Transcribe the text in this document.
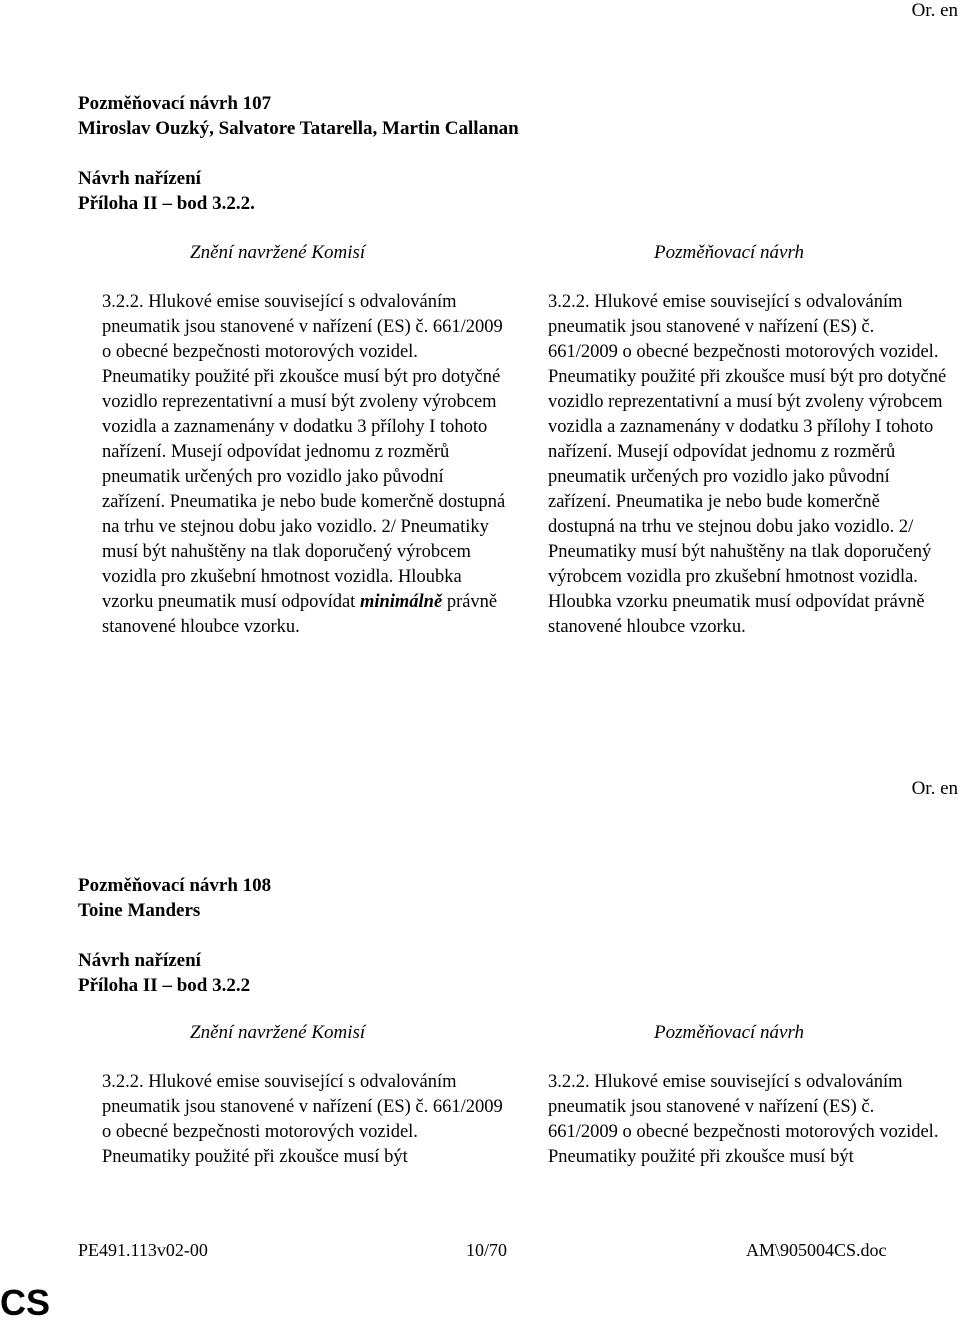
Or. en
Pozměňovací návrh 107
Miroslav Ouzký, Salvatore Tatarella, Martin Callanan
Návrh nařízení
Příloha II – bod 3.2.2.
Znění navržené Komisí	Pozměňovací návrh

3.2.2. Hlukové emise související s odvalováním pneumatik jsou stanovené v nařízení (ES) č. 661/2009 o obecné bezpečnosti motorových vozidel. Pneumatiky použité při zkoušce musí být pro dotyčné vozidlo reprezentativní a musí být zvoleny výrobcem vozidla a zaznamenány v dodatku 3 přílohy I tohoto nařízení. Musejí odpovídat jednomu z rozměrů pneumatik určených pro vozidlo jako původní zařízení. Pneumatika je nebo bude komerčně dostupná na trhu ve stejnou dobu jako vozidlo. 2/ Pneumatiky musí být nahuštěny na tlak doporučený výrobcem vozidla pro zkušební hmotnost vozidla. Hloubka vzorku pneumatik musí odpovídat minimálně právně stanovené hloubce vzorku.

3.2.2. Hlukové emise související s odvalováním pneumatik jsou stanovené v nařízení (ES) č. 661/2009 o obecné bezpečnosti motorových vozidel. Pneumatiky použité při zkoušce musí být pro dotyčné vozidlo reprezentativní a musí být zvoleny výrobcem vozidla a zaznamenány v dodatku 3 přílohy I tohoto nařízení. Musejí odpovídat jednomu z rozměrů pneumatik určených pro vozidlo jako původní zařízení. Pneumatika je nebo bude komerčně dostupná na trhu ve stejnou dobu jako vozidlo. 2/ Pneumatiky musí být nahuštěny na tlak doporučený výrobcem vozidla pro zkušební hmotnost vozidla. Hloubka vzorku pneumatik musí odpovídat právně stanovené hloubce vzorku.

Or. en
Pozměňovací návrh 108
Toine Manders
Návrh nařízení
Příloha II – bod 3.2.2
Znění navržené Komisí	Pozměňovací návrh

3.2.2. Hlukové emise související s odvalováním pneumatik jsou stanovené v nařízení (ES) č. 661/2009 o obecné bezpečnosti motorových vozidel. Pneumatiky použité při zkoušce musí být

3.2.2. Hlukové emise související s odvalováním pneumatik jsou stanovené v nařízení (ES) č. 661/2009 o obecné bezpečnosti motorových vozidel. Pneumatiky použité při zkoušce musí být

PE491.113v02-00	10/70	AM\905004CS.doc
CS
